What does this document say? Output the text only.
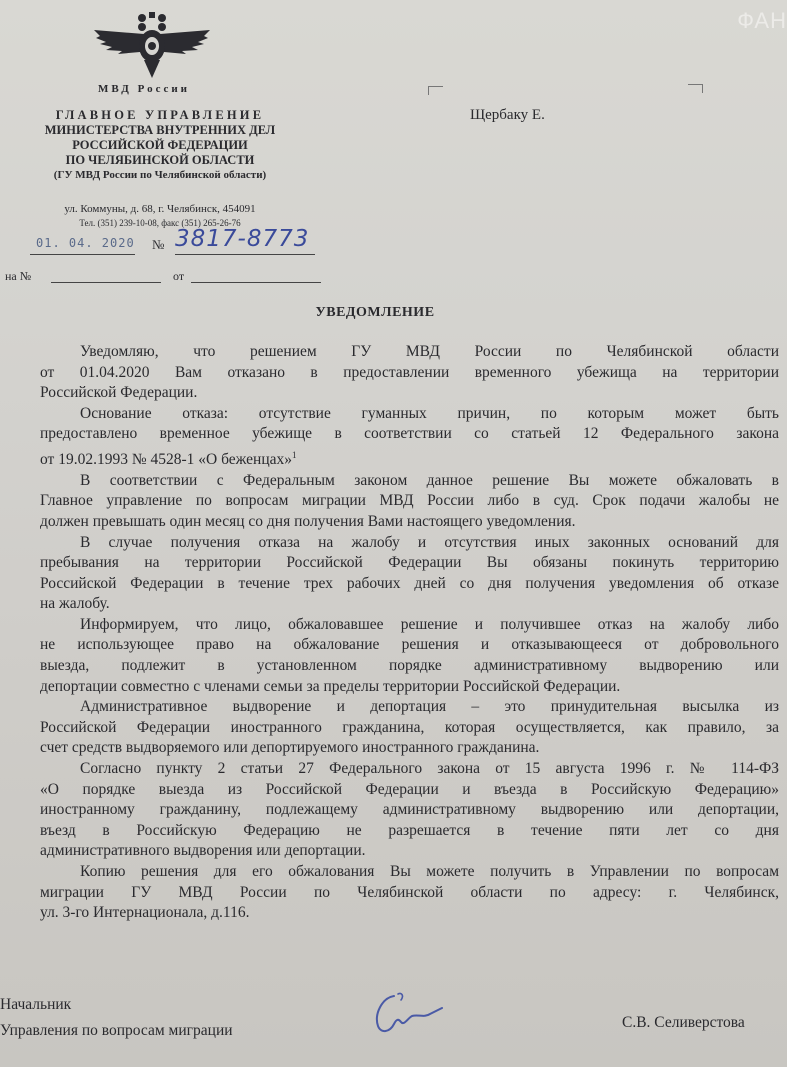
ФАН
МВД России
ГЛАВНОЕ УПРАВЛЕНИЕ
МИНИСТЕРСТВА ВНУТРЕННИХ ДЕЛ
РОССИЙСКОЙ ФЕДЕРАЦИИ
ПО ЧЕЛЯБИНСКОЙ ОБЛАСТИ
(ГУ МВД России по Челябинской области)
ул. Коммуны, д. 68, г. Челябинск, 454091
Тел. (351) 239-10-08, факс (351) 265-26-76
01. 04. 2020 № 3817-8773
на №	от
Щербаку Е.
УВЕДОМЛЕНИЕ

Уведомляю, что решением ГУ МВД России по Челябинской области
от 01.04.2020 Вам отказано в предоставлении временного убежища на территории
Российской Федерации.

Основание отказа: отсутствие гуманных причин, по которым может быть
предоставлено временное убежище в соответствии со статьей 12 Федерального закона
от 19.02.1993 № 4528-1 «О беженцах»$^1$

В соответствии с Федеральным законом данное решение Вы можете обжаловать в
Главное управление по вопросам миграции МВД России либо в суд. Срок подачи жалобы не
должен превышать один месяц со дня получения Вами настоящего уведомления.

В случае получения отказа на жалобу и отсутствия иных законных оснований для
пребывания на территории Российской Федерации Вы обязаны покинуть территорию
Российской Федерации в течение трех рабочих дней со дня получения уведомления об отказе
на жалобу.

Информируем, что лицо, обжаловавшее решение и получившее отказ на жалобу либо
не использующее право на обжалование решения и отказывающееся от добровольного
выезда, подлежит в установленном порядке административному выдворению или
депортации совместно с членами семьи за пределы территории Российской Федерации.

Административное выдворение и депортация – это принудительная высылка из
Российской Федерации иностранного гражданина, которая осуществляется, как правило, за
счет средств выдворяемого или депортируемого иностранного гражданина.

Согласно пункту 2 статьи 27 Федерального закона от 15 августа 1996 г. № 114-ФЗ
«О порядке выезда из Российской Федерации и въезда в Российскую Федерацию»
иностранному гражданину, подлежащему административному выдворению или депортации,
въезд в Российскую Федерацию не разрешается в течение пяти лет со дня
административного выдворения или депортации.

Копию решения для его обжалования Вы можете получить в Управлении по вопросам
миграции ГУ МВД России по Челябинской области по адресу: г. Челябинск,
ул. 3-го Интернационала, д.116.

Начальник
Управления по вопросам миграции	С.В. Селиверстова
